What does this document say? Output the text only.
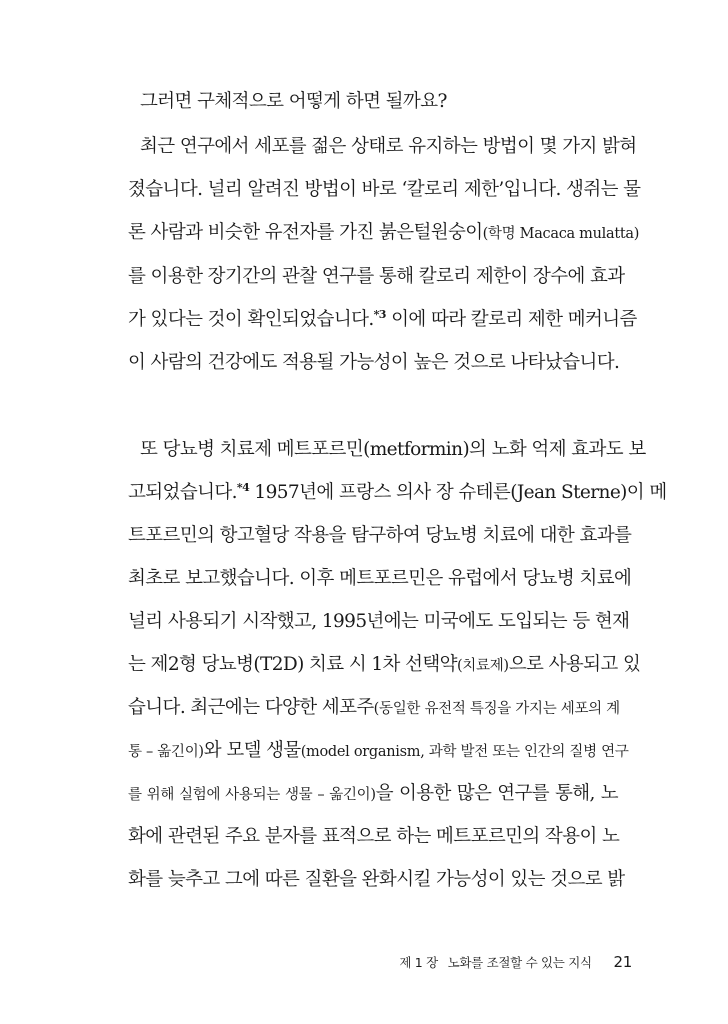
그러면 구체적으로 어떻게 하면 될까요?
최근 연구에서 세포를 젊은 상태로 유지하는 방법이 몇 가지 밝혀
졌습니다. 널리 알려진 방법이 바로 ‘칼로리 제한’입니다. 생쥐는 물
론 사람과 비슷한 유전자를 가진 붉은털원숭이(학명 Macaca mulatta)
를 이용한 장기간의 관찰 연구를 통해 칼로리 제한이 장수에 효과
가 있다는 것이 확인되었습니다.$^{*3}$ 이에 따라 칼로리 제한 메커니즘
이 사람의 건강에도 적용될 가능성이 높은 것으로 나타났습니다.
또 당뇨병 치료제 메트포르민(metformin)의 노화 억제 효과도 보
고되었습니다.$^{*4}$ 1957년에 프랑스 의사 장 슈테른(Jean Sterne)이 메
트포르민의 항고혈당 작용을 탐구하여 당뇨병 치료에 대한 효과를
최초로 보고했습니다. 이후 메트포르민은 유럽에서 당뇨병 치료에
널리 사용되기 시작했고, 1995년에는 미국에도 도입되는 등 현재
는 제2형 당뇨병(T2D) 치료 시 1차 선택약(치료제)으로 사용되고 있
습니다. 최근에는 다양한 세포주(동일한 유전적 특징을 가지는 세포의 계
통 – 옮긴이)와 모델 생물(model organism, 과학 발전 또는 인간의 질병 연구
를 위해 실험에 사용되는 생물 – 옮긴이)을 이용한 많은 연구를 통해, 노
화에 관련된 주요 분자를 표적으로 하는 메트포르민의 작용이 노
화를 늦추고 그에 따른 질환을 완화시킬 가능성이 있는 것으로 밝
제 1 장 노화를 조절할 수 있는 지식 21
